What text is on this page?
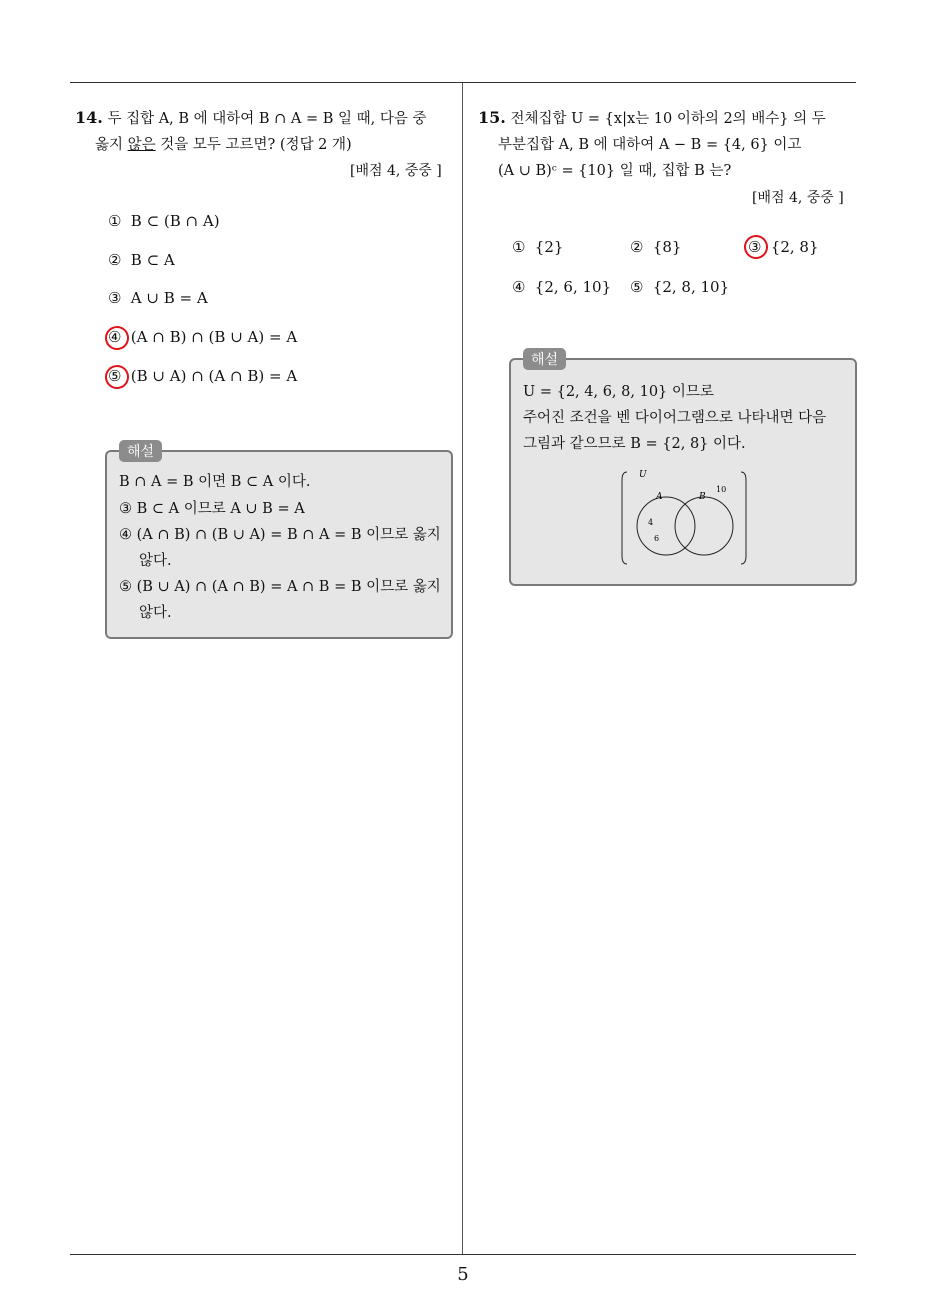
14. 두 집합 A, B 에 대하여 B ∩ A = B 일 때, 다음 중
옳지 않은 것을 모두 고르면? (정답 2 개)
[배점 4, 중중 ]
① B ⊂ (B ∩ A)
② B ⊂ A
③ A ∪ B = A
④ (A ∩ B) ∩ (B ∪ A) = A
⑤ (B ∪ A) ∩ (A ∩ B) = A
해설
B ∩ A = B 이면 B ⊂ A 이다.
③ B ⊂ A 이므로 A ∪ B = A
④ (A ∩ B) ∩ (B ∪ A) = B ∩ A = B 이므로 옳지
않다.
⑤ (B ∪ A) ∩ (A ∩ B) = A ∩ B = B 이므로 옳지
않다.
15. 전체집합 U = {x|x는 10 이하의 2의 배수} 의 두
부분집합 A, B 에 대하여 A − B = {4, 6} 이고
(A ∪ B)ᶜ = {10} 일 때, 집합 B 는?
[배점 4, 중중 ]
① {2}	② {8}	③ {2, 8}
④ {2, 6, 10} ⑤ {2, 8, 10}
해설
U = {2, 4, 6, 8, 10} 이므로
주어진 조건을 벤 다이어그램으로 나타내면 다음
그림과 같으므로 B = {2, 8} 이다.
U
A	B
10
4
6
5
